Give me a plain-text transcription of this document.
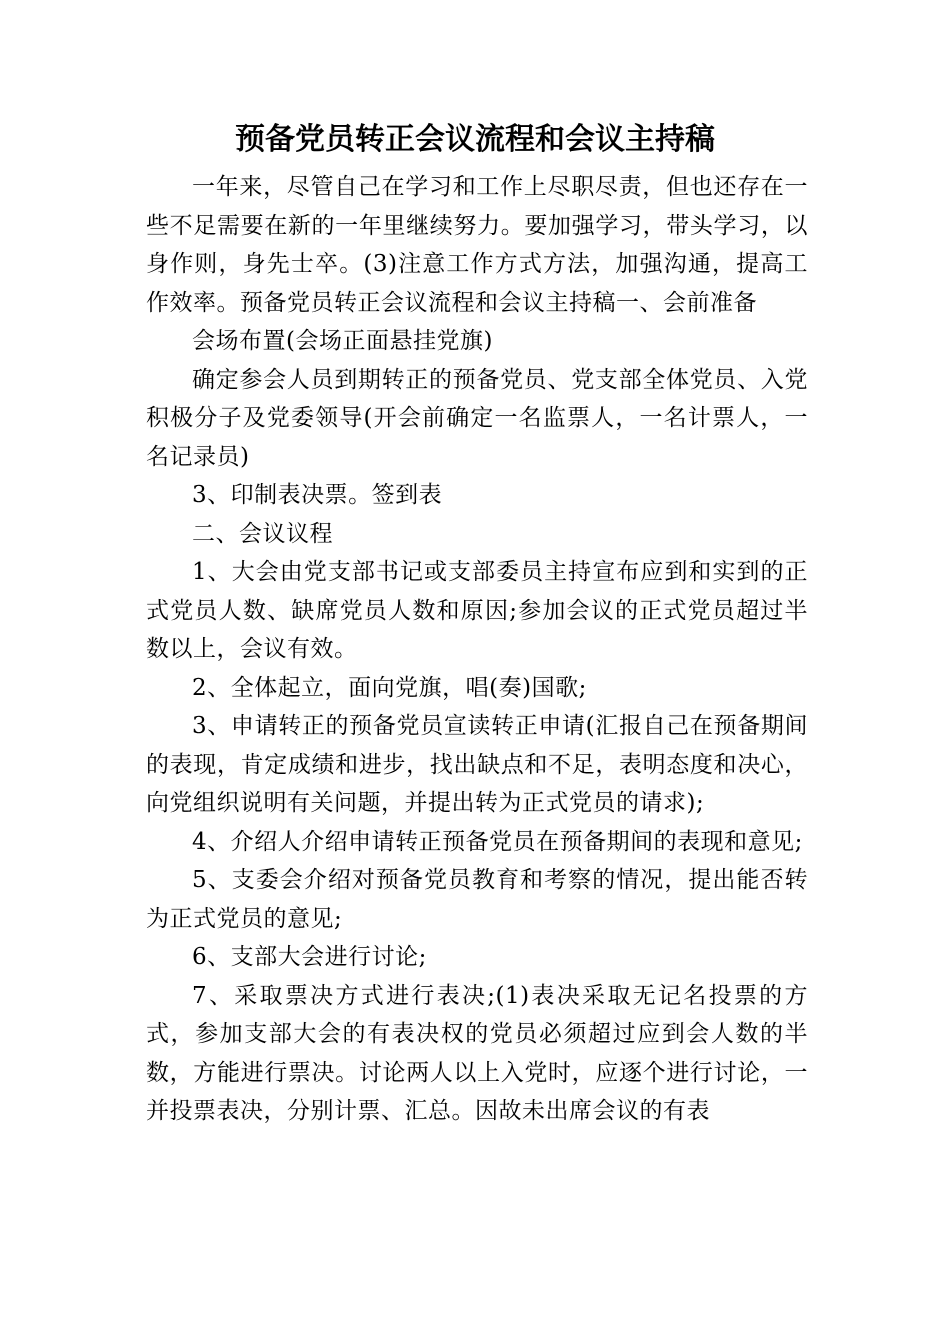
预备党员转正会议流程和会议主持稿

一年来，尽管自己在学习和工作上尽职尽责，但也还存在一些不足需要在新的一年里继续努力。要加强学习，带头学习，以身作则，身先士卒。(3)注意工作方式方法，加强沟通，提高工作效率。预备党员转正会议流程和会议主持稿一、会前准备

会场布置(会场正面悬挂党旗)

确定参会人员到期转正的预备党员、党支部全体党员、入党积极分子及党委领导(开会前确定一名监票人，一名计票人，一名记录员)

3、印制表决票。签到表

二、会议议程

1、大会由党支部书记或支部委员主持宣布应到和实到的正式党员人数、缺席党员人数和原因;参加会议的正式党员超过半数以上，会议有效。

2、全体起立，面向党旗，唱(奏)国歌;

3、申请转正的预备党员宣读转正申请(汇报自己在预备期间的表现，肯定成绩和进步，找出缺点和不足，表明态度和决心，向党组织说明有关问题，并提出转为正式党员的请求);

4、介绍人介绍申请转正预备党员在预备期间的表现和意见;

5、支委会介绍对预备党员教育和考察的情况，提出能否转为正式党员的意见;

6、支部大会进行讨论;

7、采取票决方式进行表决;(1)表决采取无记名投票的方式，参加支部大会的有表决权的党员必须超过应到会人数的半数，方能进行票决。讨论两人以上入党时，应逐个进行讨论，一并投票表决，分别计票、汇总。因故未出席会议的有表
